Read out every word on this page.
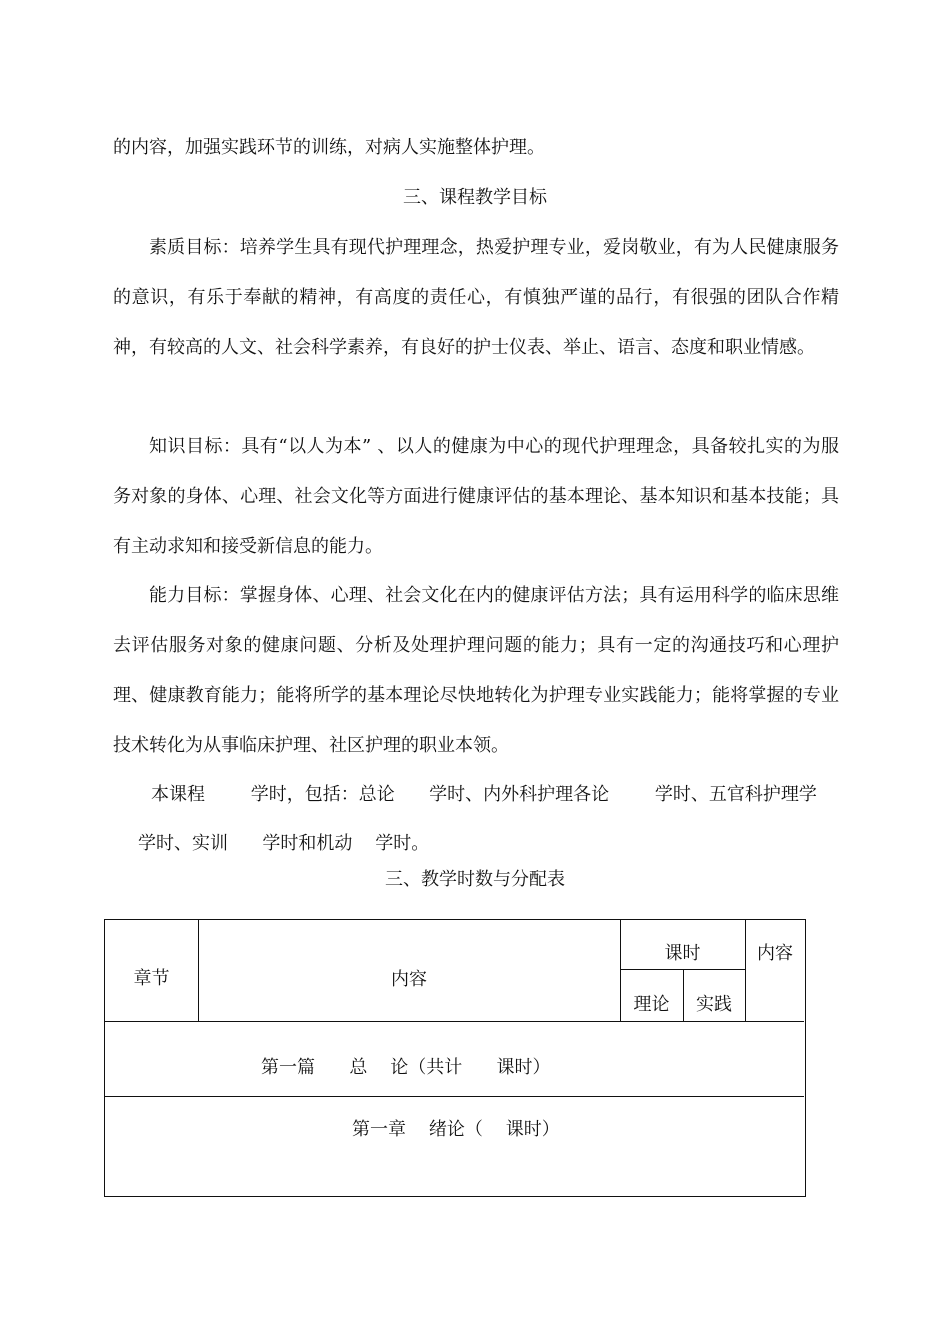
的内容，加强实践环节的训练，对病人实施整体护理。
三、课程教学目标
素质目标：培养学生具有现代护理理念，热爱护理专业，爱岗敬业，有为人民健康服务的意识，有乐于奉献的精神，有高度的责任心，有慎独严谨的品行，有很强的团队合作精神，有较高的人文、社会科学素养，有良好的护士仪表、举止、语言、态度和职业情感。
知识目标：具有“以人为本” 、以人的健康为中心的现代护理理念，具备较扎实的为服务对象的身体、心理、社会文化等方面进行健康评估的基本理论、基本知识和基本技能；具有主动求知和接受新信息的能力。
能力目标：掌握身体、心理、社会文化在内的健康评估方法；具有运用科学的临床思维去评估服务对象的健康问题、分析及处理护理问题的能力；具有一定的沟通技巧和心理护理、健康教育能力；能将所学的基本理论尽快地转化为护理专业实践能力；能将掌握的专业技术转化为从事临床护理、社区护理的职业本领。
本课程        学时，包括：总论      学时、内外科护理各论        学时、五官科护理学
学时、实训      学时和机动    学时。
三、教学时数与分配表
章节	内容
课时
理论	实践
内容
第一篇      总    论（共计      课时）
第一章    绪论（    课时）
